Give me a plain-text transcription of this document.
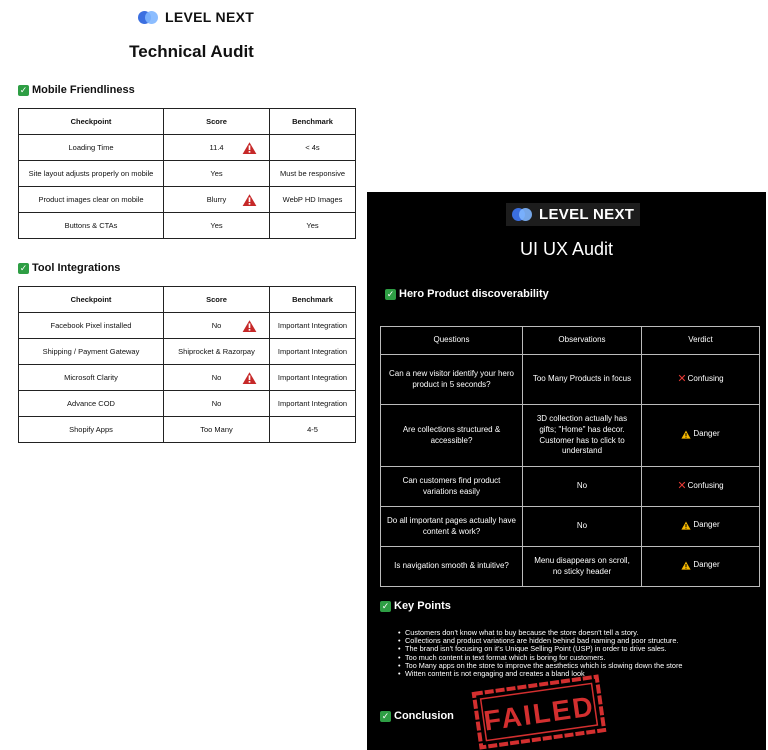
LEVEL NEXT
Technical Audit
✓ Mobile Friendliness
Checkpoint	Score	Benchmark
Loading Time	11.4	< 4s
Site layout adjusts properly on mobile	Yes	Must be responsive
Product images clear on mobile	Blurry	WebP HD Images
Buttons & CTAs	Yes	Yes
✓ Tool Integrations
Checkpoint	Score	Benchmark
Facebook Pixel installed	No	Important Integration
Shipping / Payment Gateway	Shiprocket & Razorpay	Important Integration
Microsoft Clarity	No	Important Integration
Advance COD	No	Important Integration
Shopify Apps	Too Many	4-5
LEVEL NEXT
UI UX Audit
✓ Hero Product discoverability
Questions	Observations	Verdict
Can a new visitor identify your hero product in 5 seconds?	Too Many Products in focus	✕ Confusing

Are collections structured & accessible?	3D collection actually has gifts; "Home" has decor. Customer has to click to understand	Danger

Can customers find product variations easily	No	✕ Confusing

Do all important pages actually have content & work?	No	Danger

Is navigation smooth & intuitive?	Menu disappears on scroll, no sticky header	Danger
✓ Key Points
• Customers don't know what to buy because the store doesn't tell a story.
• Collections and product variations are hidden behind bad naming and poor structure.
• The brand isn't focusing on it's Unique Selling Point (USP) in order to drive sales.
• Too much content in text format which is boring for customers.
• Too Many apps on the store to improve the aesthetics which is slowing down the store
• Witten content is not engaging and creates a bland look
✓ Conclusion FAILED
